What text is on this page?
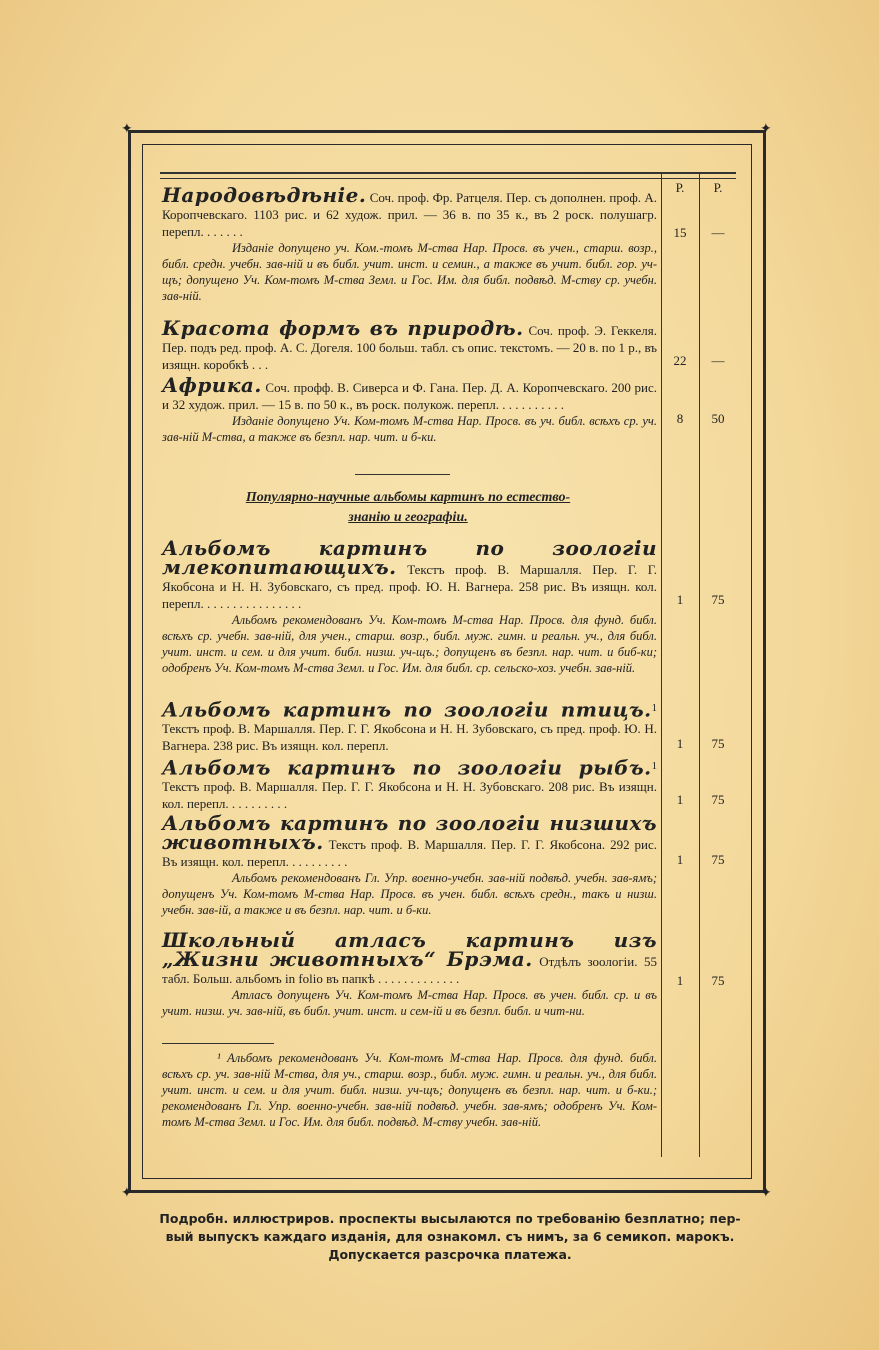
✦	✦
✦	✦
Р.	Р.
Народовѣдѣніе. Соч. проф. Фр. Ратцеля. Пер. съ дополнен. проф. А. Коропчевскаго. 1103 рис. и 62 худож. прил. — 36 в. по 35 к., въ 2 роск. полушагр. перепл. . . . . . .
Изданіе допущено уч. Ком.-томъ М-ства Нар. Просв. въ учен., старш. возр., библ. средн. учебн. зав-ній и въ библ. учит. инст. и семин., а также въ учит. библ. гор. уч-щъ; допущено Уч. Ком-томъ М-ства Земл. и Гос. Им. для библ. подвѣд. М-ству ср. учебн. зав-ній.
15	—
Красота формъ въ природѣ. Соч. проф. Э. Геккеля. Пер. подъ ред. проф. А. С. Догеля. 100 больш. табл. съ опис. текстомъ. — 20 в. по 1 р., въ изящн. коробкѣ . . .	22	—
Африка. Соч. профф. В. Сиверса и Ф. Гана. Пер. Д. А. Коропчевскаго. 200 рис. и 32 худож. прил. — 15 в. по 50 к., въ роск. полукож. перепл. . . . . . . . . . .
Изданіе допущено Уч. Ком-томъ М-ства Нар. Просв. въ уч. библ. всѣхъ ср. уч. зав-ній М-ства, а также въ безпл. нар. чит. и б-ки.
8	50
Популярно-научные альбомы картинъ по естество-
знанію и географіи.
Альбомъ картинъ по зоологіи млекопитающихъ. Текстъ проф. В. Маршалля. Пер. Г. Г. Якобсона и Н. Н. Зубовскаго, съ пред. проф. Ю. Н. Вагнера. 258 рис. Въ изящн. кол. перепл. . . . . . . . . . . . . . . .
Альбомъ рекомендованъ Уч. Ком-томъ М-ства Нар. Просв. для фунд. библ. всѣхъ ср. учебн. зав-ній, для учен., старш. возр., библ. муж. гимн. и реальн. уч., для библ. учит. инст. и сем. и для учит. библ. низш. уч-щъ.; допущенъ въ безпл. нар. чит. и биб-ки; одобренъ Уч. Ком-томъ М-ства Земл. и Гос. Им. для библ. ср. сельско-хоз. учебн. зав-ній.
1	75
Альбомъ картинъ по зоологіи птицъ.$^1$ Текстъ проф. В. Маршалля. Пер. Г. Г. Якобсона и Н. Н. Зубовскаго, съ пред. проф. Ю. Н. Вагнера. 238 рис. Въ изящн. кол. перепл.	1	75
Альбомъ картинъ по зоологіи рыбъ.$^1$ Текстъ проф. В. Маршалля. Пер. Г. Г. Якобсона и Н. Н. Зубовскаго. 208 рис. Въ изящн. кол. перепл. . . . . . . . . .	1	75
Альбомъ картинъ по зоологіи низшихъ животныхъ. Текстъ проф. В. Маршалля. Пер. Г. Г. Якобсона. 292 рис. Въ изящн. кол. перепл. . . . . . . . . .
Альбомъ рекомендованъ Гл. Упр. военно-учебн. зав-ній подвѣд. учебн. зав-ямъ; допущенъ Уч. Ком-томъ М-ства Нар. Просв. въ учен. библ. всѣхъ средн., такъ и низш. учебн. зав-ій, а также и въ безпл. нар. чит. и б-ки.
1	75
Школьный атласъ картинъ изъ „Жизни животныхъ“ Брэма. Отдѣлъ зоологіи. 55 табл. Больш. альбомъ in folio въ папкѣ . . . . . . . . . . . . .
Атласъ допущенъ Уч. Ком-томъ М-ства Нар. Просв. въ учен. библ. ср. и въ учит. низш. уч. зав-ній, въ библ. учит. инст. и сем-ій и въ безпл. библ. и чит-ни.
1	75
¹ Альбомъ рекомендованъ Уч. Ком-томъ М-ства Нар. Просв. для фунд. библ. всѣхъ ср. уч. зав-ній М-ства, для уч., старш. возр., библ. муж. гимн. и реальн. уч., для библ. учит. инст. и сем. и для учит. библ. низш. уч-щъ; допущенъ въ безпл. нар. чит. и б-ки.; рекомендованъ Гл. Упр. военно-учебн. зав-ній подвѣд. учебн. зав-ямъ; одобренъ Уч. Ком-томъ М-ства Земл. и Гос. Им. для библ. подвѣд. М-ству учебн. зав-ній.
Подробн. иллюстриров. проспекты высылаются по требованію безплатно; пер-
вый выпускъ каждаго изданія, для ознакомл. съ нимъ, за 6 семикоп. марокъ.
Допускается разсрочка платежа.
